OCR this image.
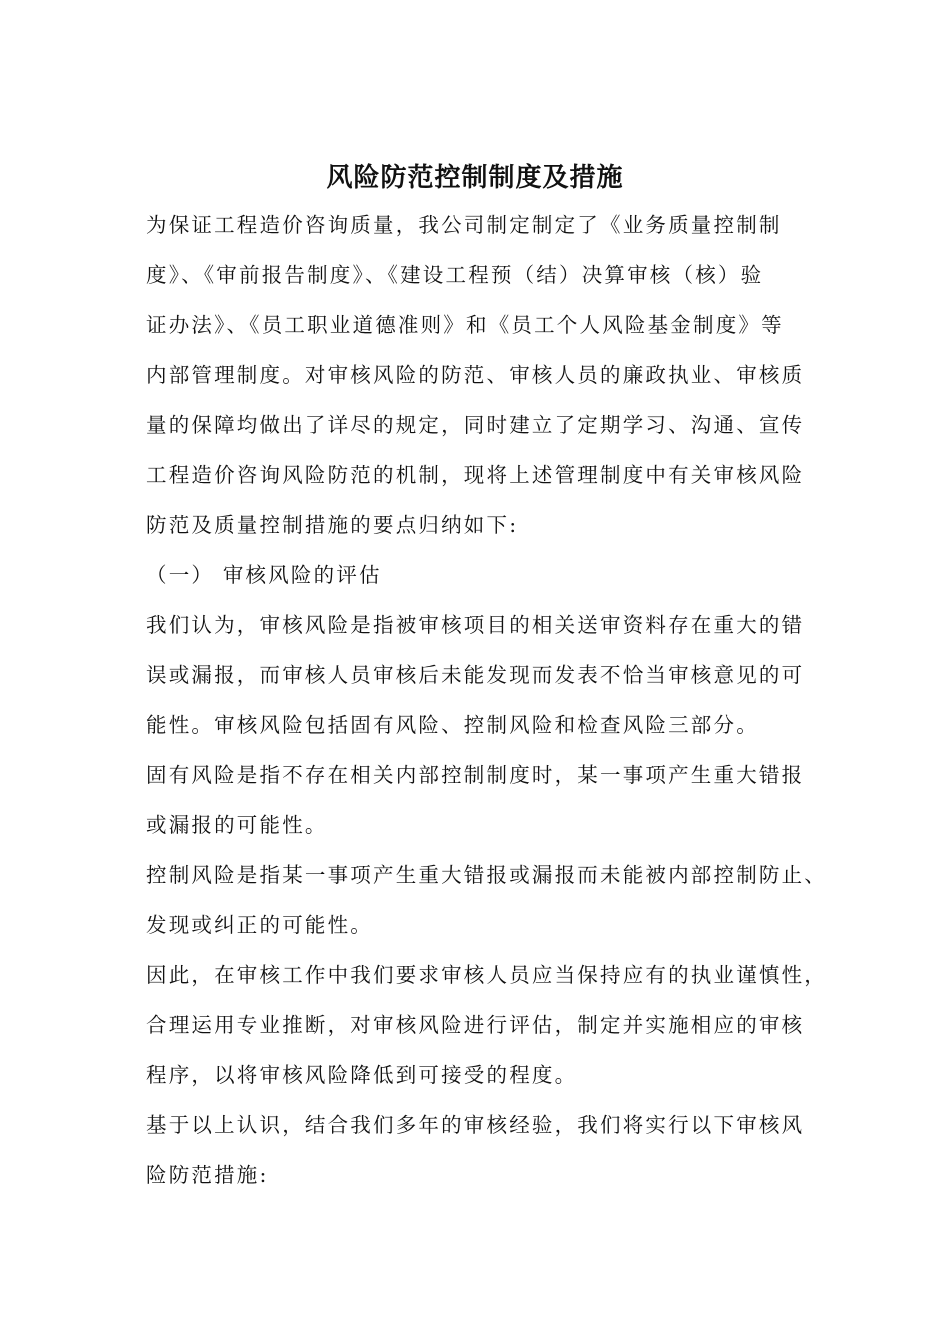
风险防范控制制度及措施
为保证工程造价咨询质量，我公司制定制定了《业务质量控制制
度》、《审前报告制度》、《建设工程预（结）决算审核（核）验
证办法》、《员工职业道德准则》和《员工个人风险基金制度》等
内部管理制度。对审核风险的防范、审核人员的廉政执业、审核质
量的保障均做出了详尽的规定，同时建立了定期学习、沟通、宣传
工程造价咨询风险防范的机制，现将上述管理制度中有关审核风险
防范及质量控制措施的要点归纳如下:
（一） 审核风险的评估
我们认为，审核风险是指被审核项目的相关送审资料存在重大的错
误或漏报，而审核人员审核后未能发现而发表不恰当审核意见的可
能性。审核风险包括固有风险、控制风险和检查风险三部分。
固有风险是指不存在相关内部控制制度时，某一事项产生重大错报
或漏报的可能性。
控制风险是指某一事项产生重大错报或漏报而未能被内部控制防止、
发现或纠正的可能性。
因此，在审核工作中我们要求审核人员应当保持应有的执业谨慎性，
合理运用专业推断，对审核风险进行评估，制定并实施相应的审核
程序，以将审核风险降低到可接受的程度。
基于以上认识，结合我们多年的审核经验，我们将实行以下审核风
险防范措施:
